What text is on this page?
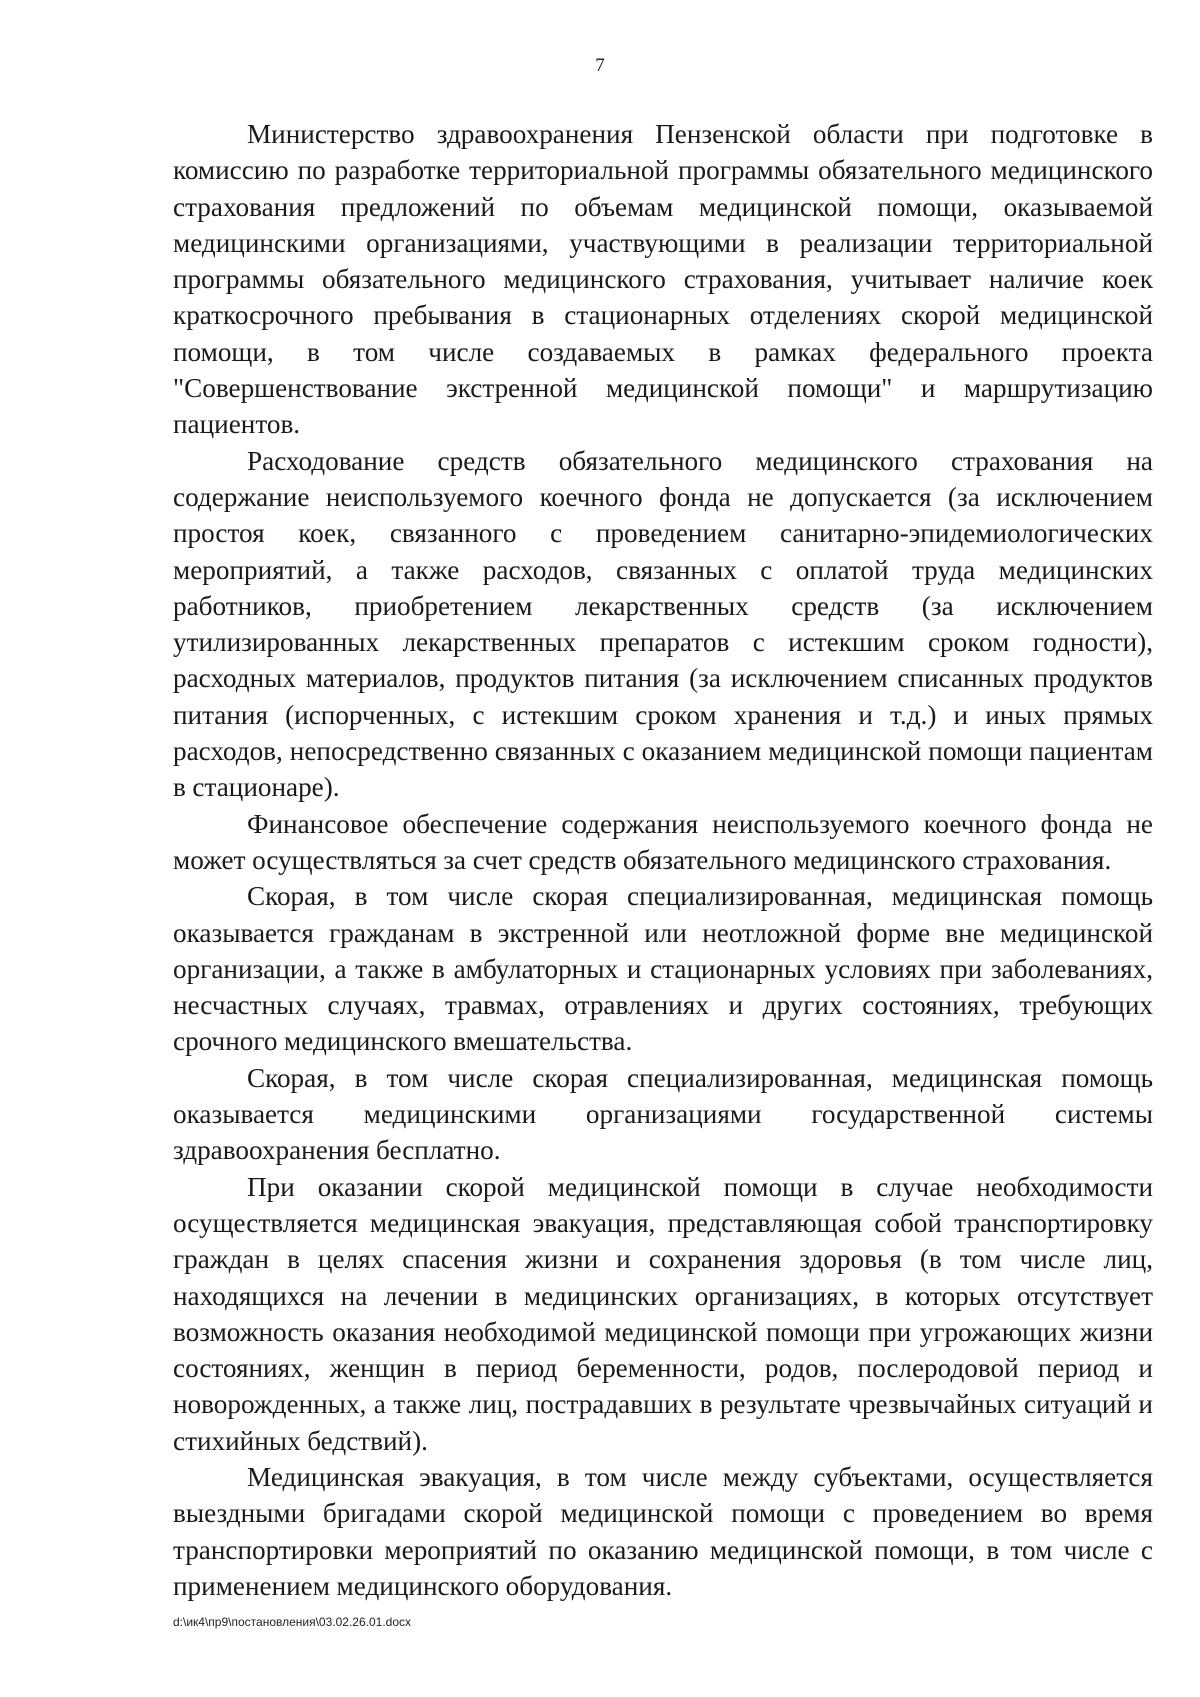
7

Министерство здравоохранения Пензенской области при подготовке в комиссию по разработке территориальной программы обязательного медицинского страхования предложений по объемам медицинской помощи, оказываемой медицинскими организациями, участвующими в реализации территориальной программы обязательного медицинского страхования, учитывает наличие коек краткосрочного пребывания в стационарных отделениях скорой медицинской помощи, в том числе создаваемых в рамках федерального проекта "Совершенствование экстренной медицинской помощи" и маршрутизацию пациентов.

Расходование средств обязательного медицинского страхования на содержание неиспользуемого коечного фонда не допускается (за исключением простоя коек, связанного с проведением санитарно-эпидемиологических мероприятий, а также расходов, связанных с оплатой труда медицинских работников, приобретением лекарственных средств (за исключением утилизированных лекарственных препаратов с истекшим сроком годности), расходных материалов, продуктов питания (за исключением списанных продуктов питания (испорченных, с истекшим сроком хранения и т.д.) и иных прямых расходов, непосредственно связанных с оказанием медицинской помощи пациентам в стационаре).

Финансовое обеспечение содержания неиспользуемого коечного фонда не может осуществляться за счет средств обязательного медицинского страхования.

Скорая, в том числе скорая специализированная, медицинская помощь оказывается гражданам в экстренной или неотложной форме вне медицинской организации, а также в амбулаторных и стационарных условиях при заболеваниях, несчастных случаях, травмах, отравлениях и других состояниях, требующих срочного медицинского вмешательства.

Скорая, в том числе скорая специализированная, медицинская помощь оказывается медицинскими организациями государственной системы здравоохранения бесплатно.

При оказании скорой медицинской помощи в случае необходимости осуществляется медицинская эвакуация, представляющая собой транспортировку граждан в целях спасения жизни и сохранения здоровья (в том числе лиц, находящихся на лечении в медицинских организациях, в которых отсутствует возможность оказания необходимой медицинской помощи при угрожающих жизни состояниях, женщин в период беременности, родов, послеродовой период и новорожденных, а также лиц, пострадавших в результате чрезвычайных ситуаций и стихийных бедствий).

Медицинская эвакуация, в том числе между субъектами, осуществляется выездными бригадами скорой медицинской помощи с проведением во время транспортировки мероприятий по оказанию медицинской помощи, в том числе с применением медицинского оборудования.

d:\ик4\пр9\постановления\03.02.26.01.docx
